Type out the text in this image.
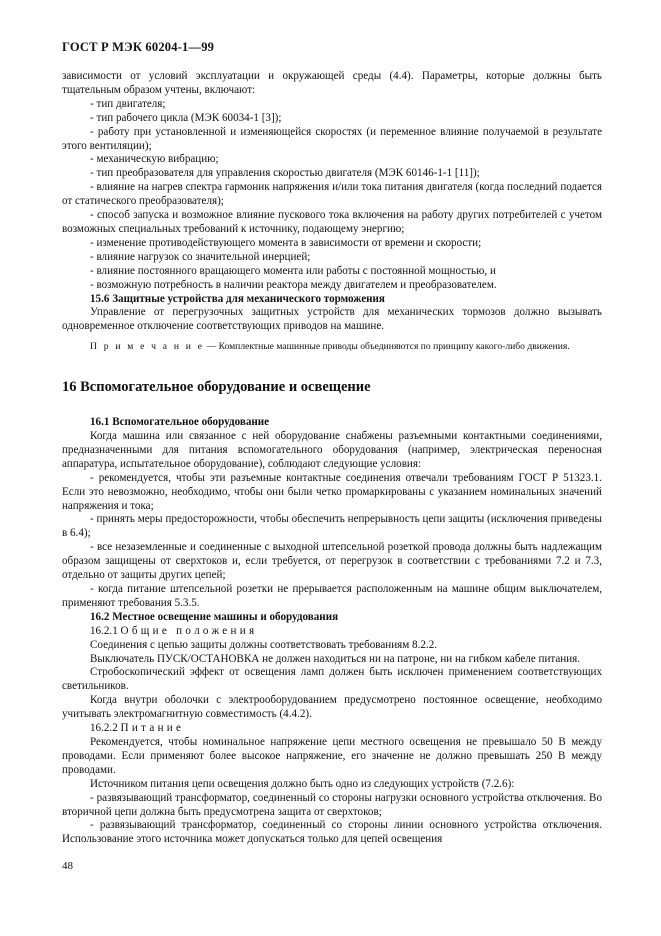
ГОСТ Р МЭК 60204-1—99

зависимости от условий эксплуатации и окружающей среды (4.4). Параметры, которые должны быть тщательным образом учтены, включают:

- тип двигателя;

- тип рабочего цикла (МЭК 60034-1 [3]);

- работу при установленной и изменяющейся скоростях (и переменное влияние получаемой в результате этого вентиляции);

- механическую вибрацию;

- тип преобразователя для управления скоростью двигателя (МЭК 60146-1-1 [11]);

- влияние на нагрев спектра гармоник напряжения и/или тока питания двигателя (когда последний подается от статического преобразователя);

- способ запуска и возможное влияние пускового тока включения на работу других потребителей с учетом возможных специальных требований к источнику, подающему энергию;

- изменение противодействующего момента в зависимости от времени и скорости;

- влияние нагрузок со значительной инерцией;

- влияние постоянного вращающего момента или работы с постоянной мощностью, и

- возможную потребность в наличии реактора между двигателем и преобразователем.

15.6 Защитные устройства для механического торможения

Управление от перегрузочных защитных устройств для механических тормозов должно вызывать одновременное отключение соответствующих приводов на машине.

П р и м е ч а н и е — Комплектные машинные приводы объединяются по принципу какого-либо движения.

16 Вспомогательное оборудование и освещение

16.1 Вспомогательное оборудование

Когда машина или связанное с ней оборудование снабжены разъемными контактными соединениями, предназначенными для питания вспомогательного оборудования (например, электрическая переносная аппаратура, испытательное оборудование), соблюдают следующие условия:

- рекомендуется, чтобы эти разъемные контактные соединения отвечали требованиям ГОСТ Р 51323.1. Если это невозможно, необходимо, чтобы они были четко промаркированы с указанием номинальных значений напряжения и тока;

- принять меры предосторожности, чтобы обеспечить непрерывность цепи защиты (исключения приведены в 6.4);

- все незаземленные и соединенные с выходной штепсельной розеткой провода должны быть надлежащим образом защищены от сверхтоков и, если требуется, от перегрузок в соответствии с требованиями 7.2 и 7.3, отдельно от защиты других цепей;

- когда питание штепсельной розетки не прерывается расположенным на машине общим выключателем, применяют требования 5.3.5.

16.2 Местное освещение машины и оборудования

16.2.1 Общие положения

Соединения с цепью защиты должны соответствовать требованиям 8.2.2.

Выключатель ПУСК/ОСТАНОВКА не должен находиться ни на патроне, ни на гибком кабеле питания.

Стробоскопический эффект от освещения ламп должен быть исключен применением соответствующих светильников.

Когда внутри оболочки с электрооборудованием предусмотрено постоянное освещение, необходимо учитывать электромагнитную совместимость (4.4.2).

16.2.2 Питание

Рекомендуется, чтобы номинальное напряжение цепи местного освещения не превышало 50 В между проводами. Если применяют более высокое напряжение, его значение не должно превышать 250 В между проводами.

Источником питания цепи освещения должно быть одно из следующих устройств (7.2.6):

- развязывающий трансформатор, соединенный со стороны нагрузки основного устройства отключения. Во вторичной цепи должна быть предусмотрена защита от сверхтоков;

- развязывающий трансформатор, соединенный со стороны линии основного устройства отключения. Использование этого источника может допускаться только для цепей освещения

48
